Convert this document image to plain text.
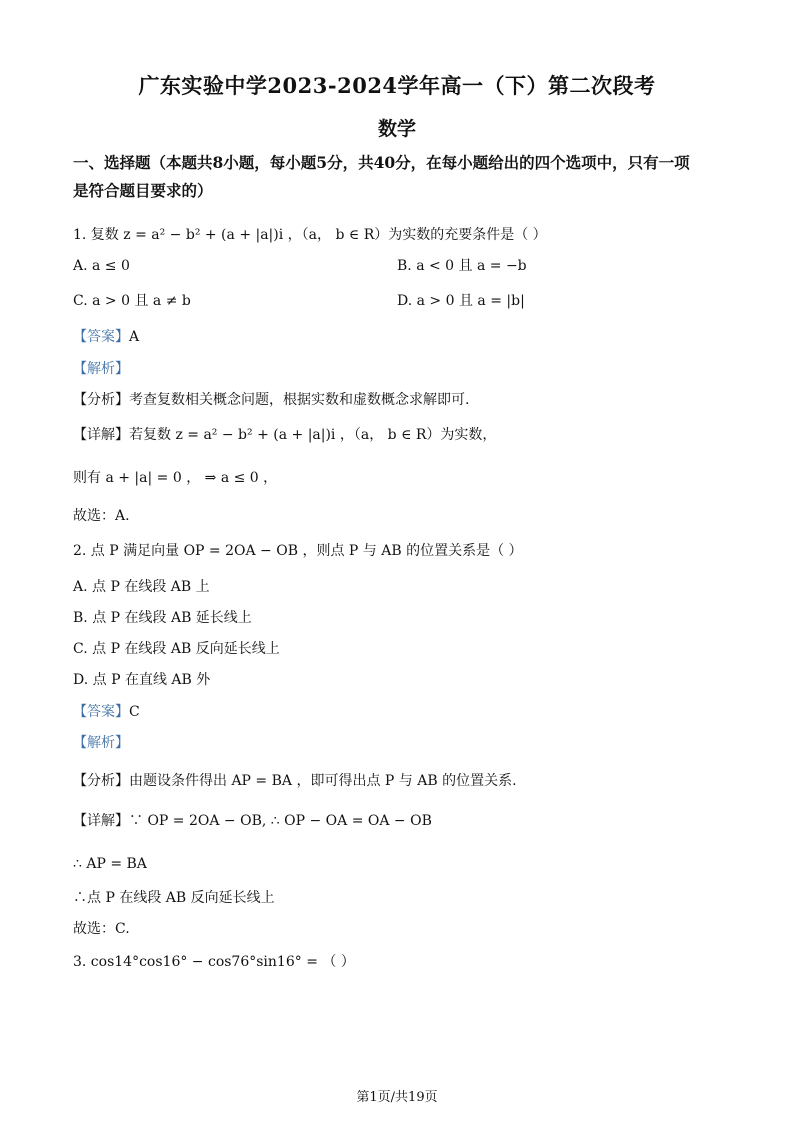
广东实验中学2023-2024学年高一（下）第二次段考
数学
一、选择题（本题共8小题，每小题5分，共40分，在每小题给出的四个选项中，只有一项
是符合题目要求的）
1. 复数 z = a² − b² + (a + |a|)i ，（a， b ∈ R）为实数的充要条件是（ ）
A. a ≤ 0	B. a < 0 且 a = −b
C. a > 0 且 a ≠ b	D. a > 0 且 a = |b|
【答案】A
【解析】
【分析】考查复数相关概念问题，根据实数和虚数概念求解即可.
【详解】若复数 z = a² − b² + (a + |a|)i ，（a， b ∈ R）为实数，
则有 a + |a| = 0 ， ⇒ a ≤ 0 ，
故选：A.
2. 点 P 满足向量 OP = 2OA − OB ，则点 P 与 AB 的位置关系是（ ）
A. 点 P 在线段 AB 上
B. 点 P 在线段 AB 延长线上
C. 点 P 在线段 AB 反向延长线上
D. 点 P 在直线 AB 外
【答案】C
【解析】
【分析】由题设条件得出 AP = BA ，即可得出点 P 与 AB 的位置关系.
【详解】∵ OP = 2OA − OB, ∴ OP − OA = OA − OB
∴ AP = BA
∴点 P 在线段 AB 反向延长线上
故选：C.
3. cos14°cos16° − cos76°sin16° = （ ）
第1页/共19页
